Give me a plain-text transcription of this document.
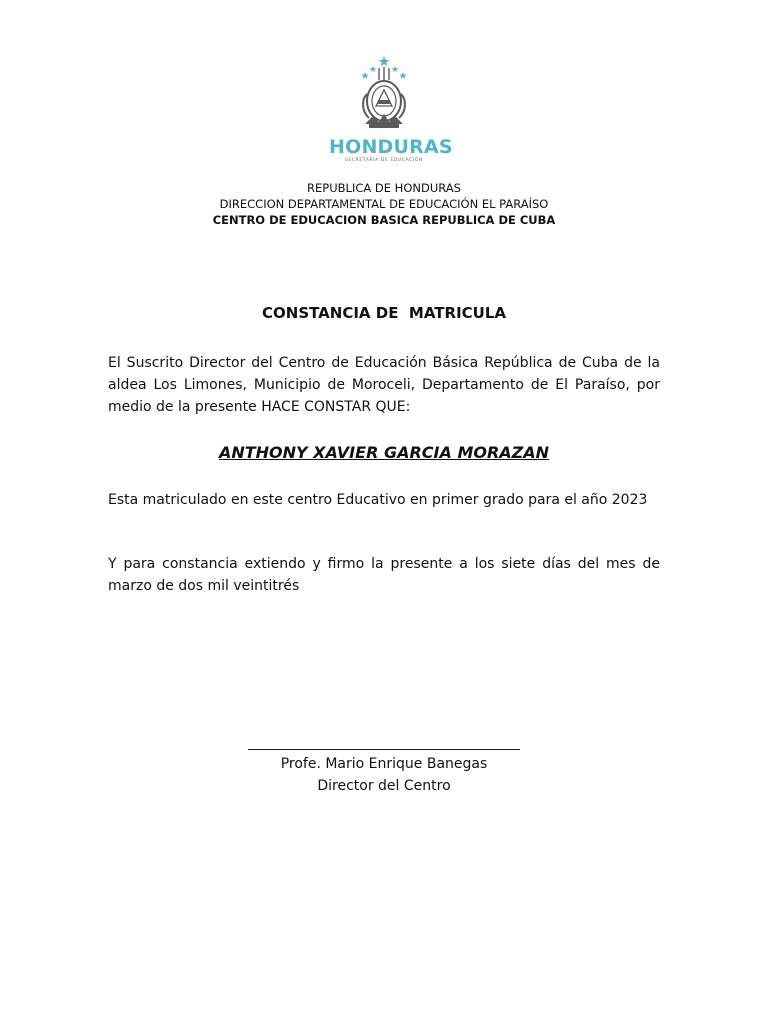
HONDURAS
SECRETARÍA DE EDUCACIÓN
REPUBLICA DE HONDURAS
DIRECCION DEPARTAMENTAL DE EDUCACIÓN EL PARAÍSO
CENTRO DE EDUCACION BASICA REPUBLICA DE CUBA
CONSTANCIA DE  MATRICULA
El Suscrito Director del Centro de Educación Básica República de Cuba de la aldea Los Limones, Municipio de Moroceli, Departamento de El Paraíso, por medio de la presente HACE CONSTAR QUE:
ANTHONY XAVIER GARCIA MORAZAN
Esta matriculado en este centro Educativo en primer grado para el año 2023
Y para constancia extiendo y firmo la presente a los siete días del mes de marzo de dos mil veintitrés
Profe. Mario Enrique Banegas
Director del Centro
